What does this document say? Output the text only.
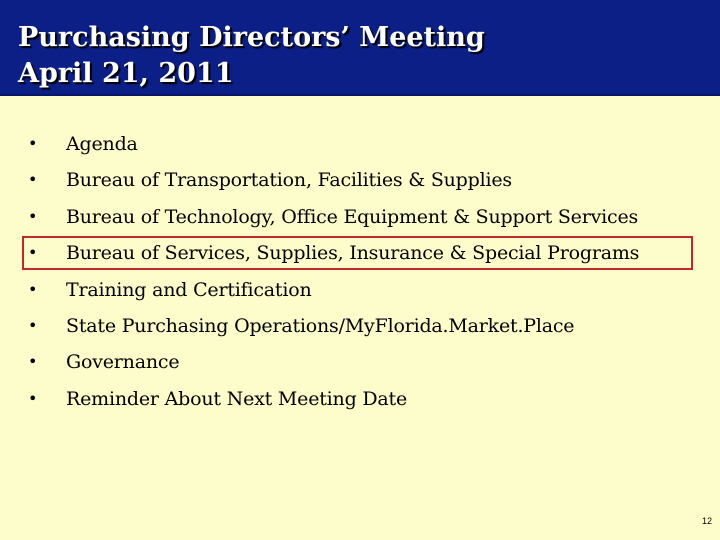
Purchasing Directors’ Meeting
April 21, 2011
• Agenda
• Bureau of Transportation, Facilities & Supplies
• Bureau of Technology, Office Equipment & Support Services
• Bureau of Services, Supplies, Insurance & Special Programs
• Training and Certification
• State Purchasing Operations/MyFlorida.Market.Place
• Governance
• Reminder About Next Meeting Date
12
